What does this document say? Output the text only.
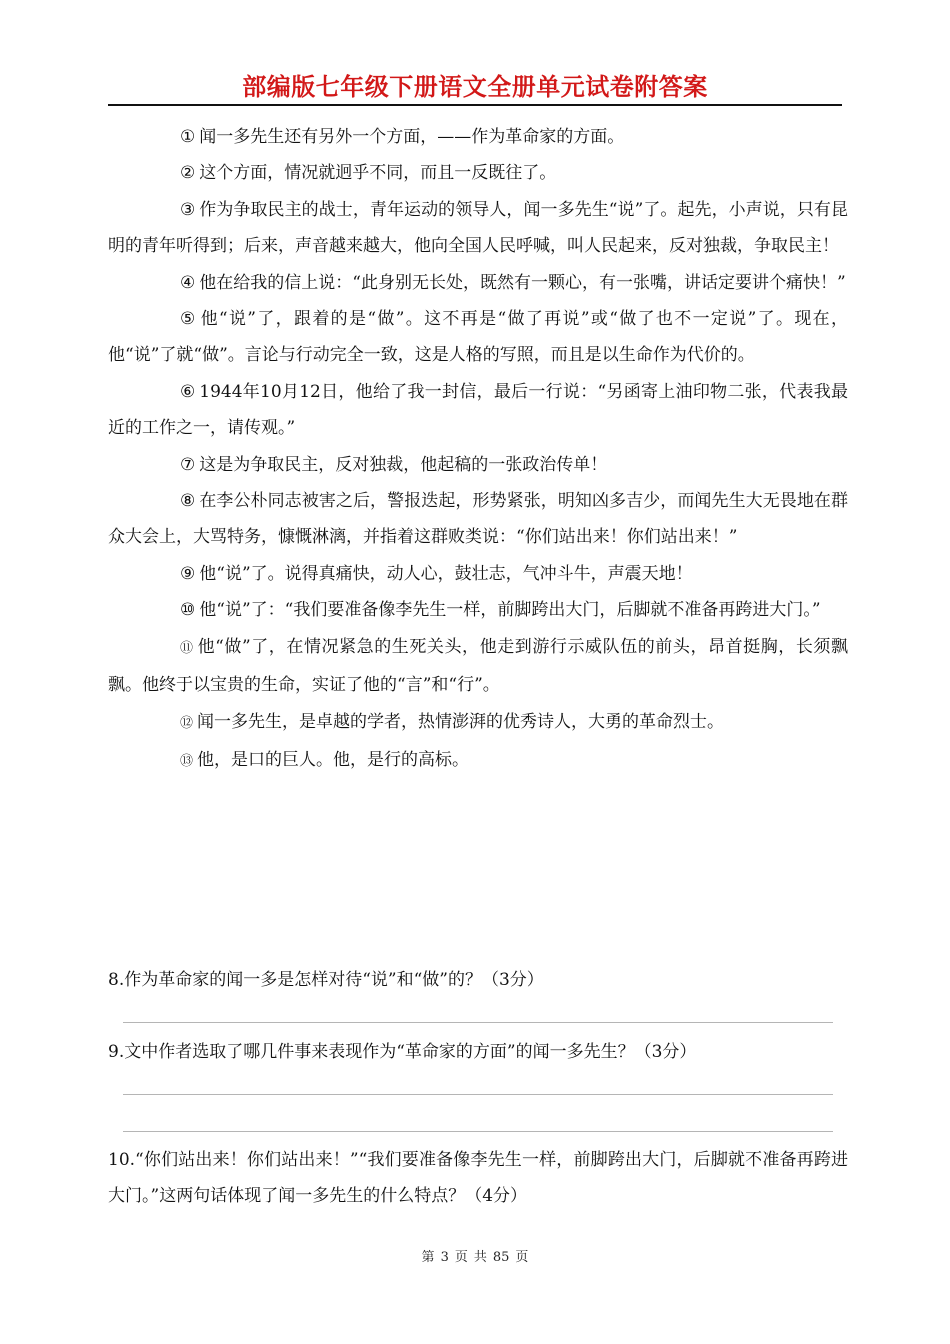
部编版七年级下册语文全册单元试卷附答案

① 闻一多先生还有另外一个方面，——作为革命家的方面。

② 这个方面，情况就迥乎不同，而且一反既往了。

③ 作为争取民主的战士，青年运动的领导人，闻一多先生“说”了。起先，小声说，只有昆明的青年听得到；后来，声音越来越大，他向全国人民呼喊，叫人民起来，反对独裁，争取民主！

④ 他在给我的信上说：“此身别无长处，既然有一颗心，有一张嘴，讲话定要讲个痛快！”

⑤ 他“说”了，跟着的是“做”。这不再是“做了再说”或“做了也不一定说”了。现在，他“说”了就“做”。言论与行动完全一致，这是人格的写照，而且是以生命作为代价的。

⑥ 1944年10月12日，他给了我一封信，最后一行说：“另函寄上油印物二张，代表我最近的工作之一，请传观。”

⑦ 这是为争取民主，反对独裁，他起稿的一张政治传单！

⑧ 在李公朴同志被害之后，警报迭起，形势紧张，明知凶多吉少，而闻先生大无畏地在群众大会上，大骂特务，慷慨淋漓，并指着这群败类说：“你们站出来！你们站出来！”

⑨ 他“说”了。说得真痛快，动人心，鼓壮志，气冲斗牛，声震天地！

⑩ 他“说”了：“我们要准备像李先生一样，前脚跨出大门，后脚就不准备再跨进大门。”

⑪ 他“做”了，在情况紧急的生死关头，他走到游行示威队伍的前头，昂首挺胸，长须飘飘。他终于以宝贵的生命，实证了他的“言”和“行”。

⑫ 闻一多先生，是卓越的学者，热情澎湃的优秀诗人，大勇的革命烈士。

⑬ 他，是口的巨人。他，是行的高标。

8.作为革命家的闻一多是怎样对待“说”和“做”的？（3分）

9.文中作者选取了哪几件事来表现作为“革命家的方面”的闻一多先生？（3分）

10.“你们站出来！你们站出来！”“我们要准备像李先生一样，前脚跨出大门，后脚就不准备再跨进大门。”这两句话体现了闻一多先生的什么特点？（4分）

第 3 页 共 85 页
